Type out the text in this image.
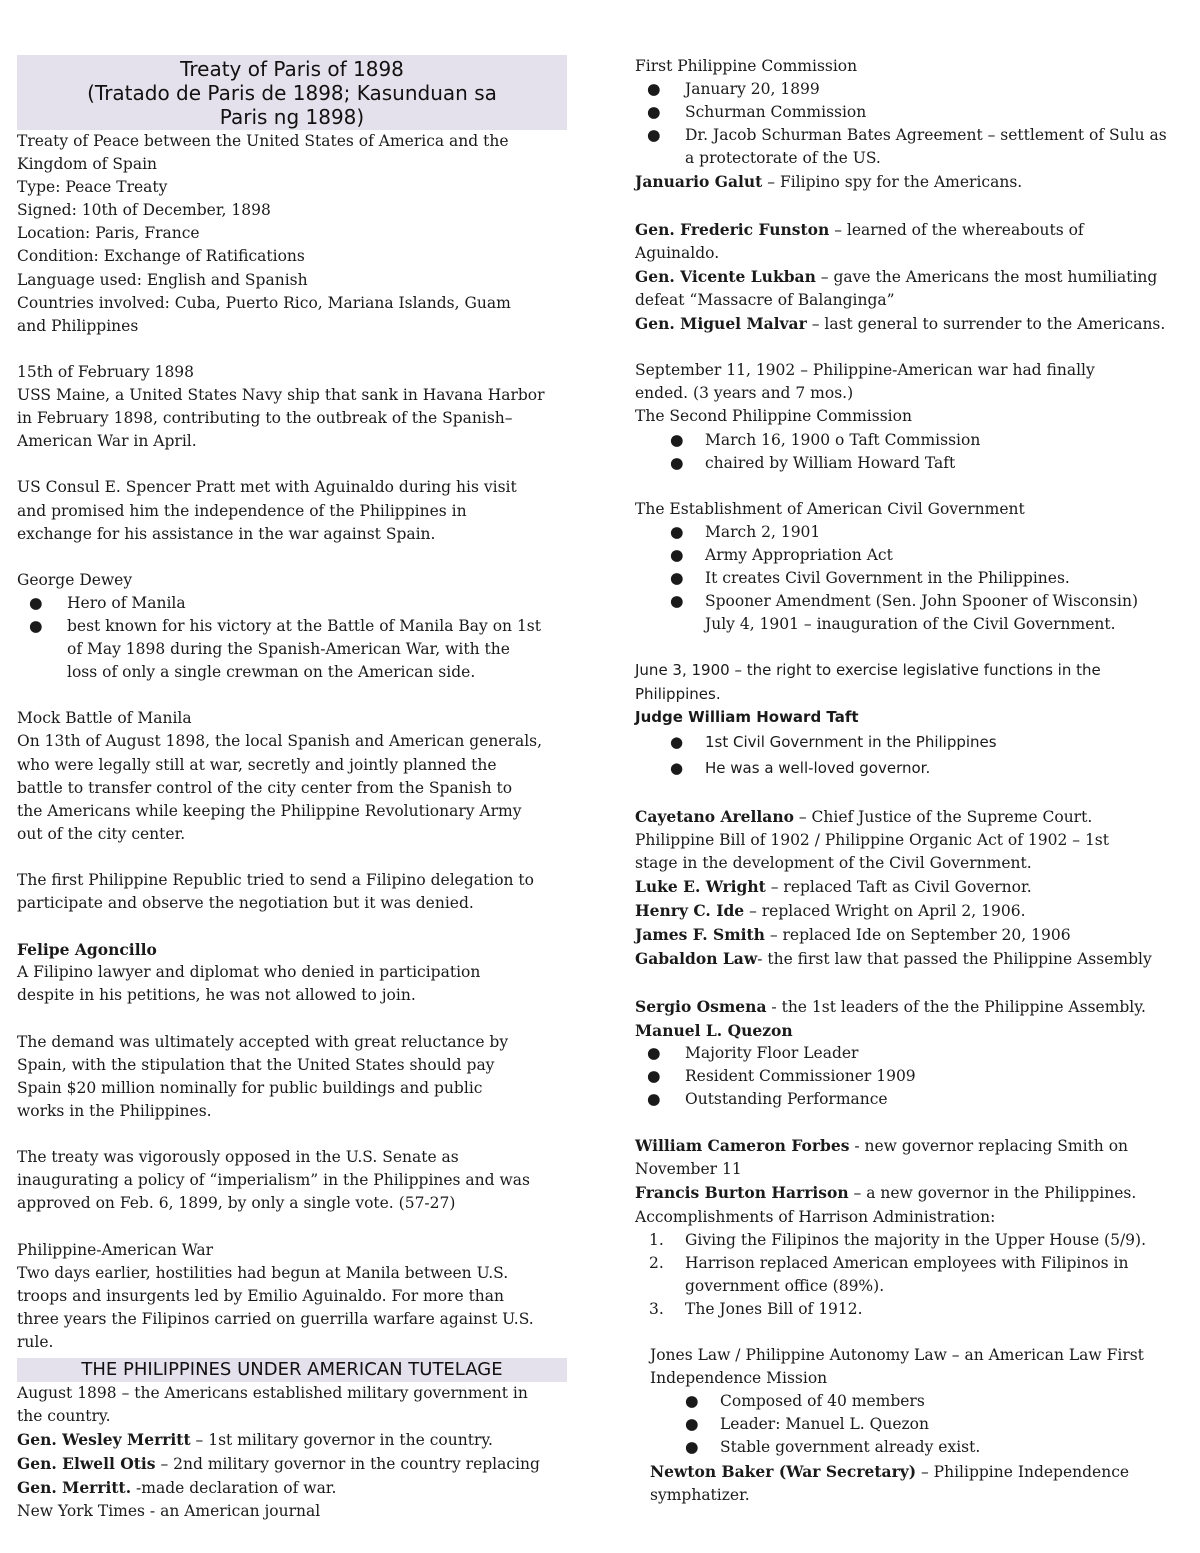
Treaty of Paris of 1898
(Tratado de Paris de 1898; Kasunduan sa
Paris ng 1898)
Treaty of Peace between the United States of America and the
Kingdom of Spain
Type: Peace Treaty
Signed: 10th of December, 1898
Location: Paris, France
Condition: Exchange of Ratifications
Language used: English and Spanish
Countries involved: Cuba, Puerto Rico, Mariana Islands, Guam
and Philippines
15th of February 1898
USS Maine, a United States Navy ship that sank in Havana Harbor
in February 1898, contributing to the outbreak of the Spanish–
American War in April.
US Consul E. Spencer Pratt met with Aguinaldo during his visit
and promised him the independence of the Philippines in
exchange for his assistance in the war against Spain.
George Dewey
● Hero of Manila
● best known for his victory at the Battle of Manila Bay on 1st
of May 1898 during the Spanish-American War, with the
loss of only a single crewman on the American side.
Mock Battle of Manila
On 13th of August 1898, the local Spanish and American generals,
who were legally still at war, secretly and jointly planned the
battle to transfer control of the city center from the Spanish to
the Americans while keeping the Philippine Revolutionary Army
out of the city center.
The first Philippine Republic tried to send a Filipino delegation to
participate and observe the negotiation but it was denied.
Felipe Agoncillo
A Filipino lawyer and diplomat who denied in participation
despite in his petitions, he was not allowed to join.
The demand was ultimately accepted with great reluctance by
Spain, with the stipulation that the United States should pay
Spain $20 million nominally for public buildings and public
works in the Philippines.
The treaty was vigorously opposed in the U.S. Senate as
inaugurating a policy of “imperialism” in the Philippines and was
approved on Feb. 6, 1899, by only a single vote. (57-27)
Philippine-American War
Two days earlier, hostilities had begun at Manila between U.S.
troops and insurgents led by Emilio Aguinaldo. For more than
three years the Filipinos carried on guerrilla warfare against U.S.
rule.
THE PHILIPPINES UNDER AMERICAN TUTELAGE
August 1898 – the Americans established military government in
the country.
Gen. Wesley Merritt – 1st military governor in the country.
Gen. Elwell Otis – 2nd military governor in the country replacing
Gen. Merritt. -made declaration of war.
New York Times - an American journal
First Philippine Commission
● January 20, 1899
● Schurman Commission
● Dr. Jacob Schurman Bates Agreement – settlement of Sulu as
a protectorate of the US.
Januario Galut – Filipino spy for the Americans.
Gen. Frederic Funston – learned of the whereabouts of
Aguinaldo.
Gen. Vicente Lukban – gave the Americans the most humiliating
defeat “Massacre of Balanginga”
Gen. Miguel Malvar – last general to surrender to the Americans.
September 11, 1902 – Philippine-American war had finally
ended. (3 years and 7 mos.)
The Second Philippine Commission
● March 16, 1900 o Taft Commission
● chaired by William Howard Taft
The Establishment of American Civil Government
● March 2, 1901
● Army Appropriation Act
● It creates Civil Government in the Philippines.
● Spooner Amendment (Sen. John Spooner of Wisconsin)
July 4, 1901 – inauguration of the Civil Government.
June 3, 1900 – the right to exercise legislative functions in the
Philippines.
Judge William Howard Taft
● 1st Civil Government in the Philippines
● He was a well-loved governor.
Cayetano Arellano – Chief Justice of the Supreme Court.
Philippine Bill of 1902 / Philippine Organic Act of 1902 – 1st
stage in the development of the Civil Government.
Luke E. Wright – replaced Taft as Civil Governor.
Henry C. Ide – replaced Wright on April 2, 1906.
James F. Smith – replaced Ide on September 20, 1906
Gabaldon Law- the first law that passed the Philippine Assembly
Sergio Osmena - the 1st leaders of the the Philippine Assembly.
Manuel L. Quezon
● Majority Floor Leader
● Resident Commissioner 1909
● Outstanding Performance
William Cameron Forbes - new governor replacing Smith on
November 11
Francis Burton Harrison – a new governor in the Philippines.
Accomplishments of Harrison Administration:
1. Giving the Filipinos the majority in the Upper House (5/9).
2. Harrison replaced American employees with Filipinos in
government office (89%).
3. The Jones Bill of 1912.
Jones Law / Philippine Autonomy Law – an American Law First
Independence Mission
● Composed of 40 members
● Leader: Manuel L. Quezon
● Stable government already exist.
Newton Baker (War Secretary) – Philippine Independence
symphatizer.
